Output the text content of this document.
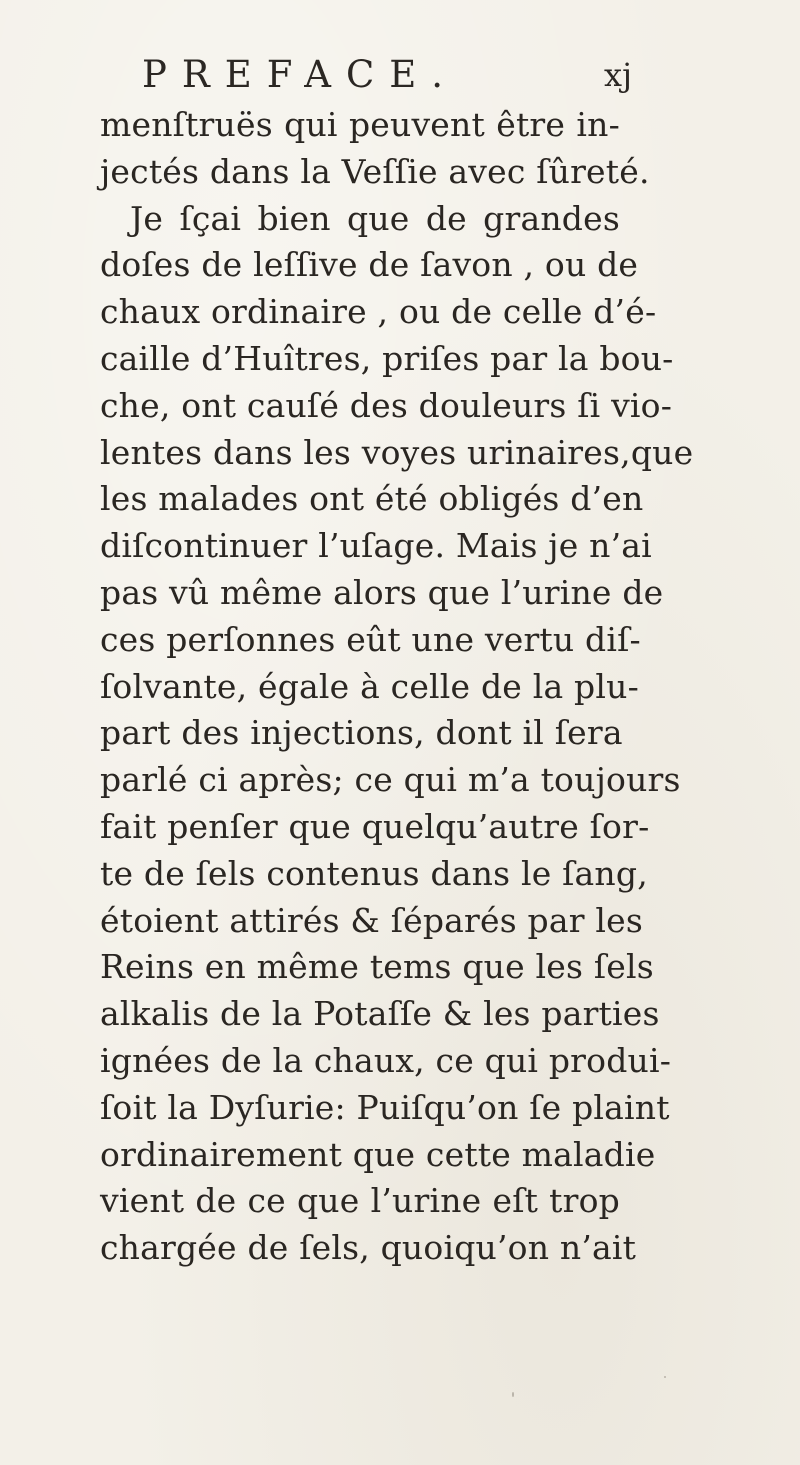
PREFACE.	xj
menſtruës qui peuvent être in-
jectés dans la Veſſie avec ſûreté.
Je ſçai bien que de grandes
doſes de leſſive de ſavon , ou de
chaux ordinaire , ou de celle d’é-
caille d’Huîtres, priſes par la bou-
che, ont cauſé des douleurs ſi vio-
lentes dans les voyes urinaires,que
les malades ont été obligés d’en
diſcontinuer l’uſage. Mais je n’ai
pas vû même alors que l’urine de
ces perſonnes eût une vertu diſ-
ſolvante, égale à celle de la plu-
part des injections, dont il ſera
parlé ci après; ce qui m’a toujours
fait penſer que quelqu’autre ſor-
te de ſels contenus dans le ſang,
étoient attirés & ſéparés par les
Reins en même tems que les ſels
alkalis de la Potaſſe & les parties
ignées de la chaux, ce qui produi-
ſoit la Dyſurie: Puiſqu’on ſe plaint
ordinairement que cette maladie
vient de ce que l’urine eſt trop
chargée de ſels, quoiqu’on n’ait
